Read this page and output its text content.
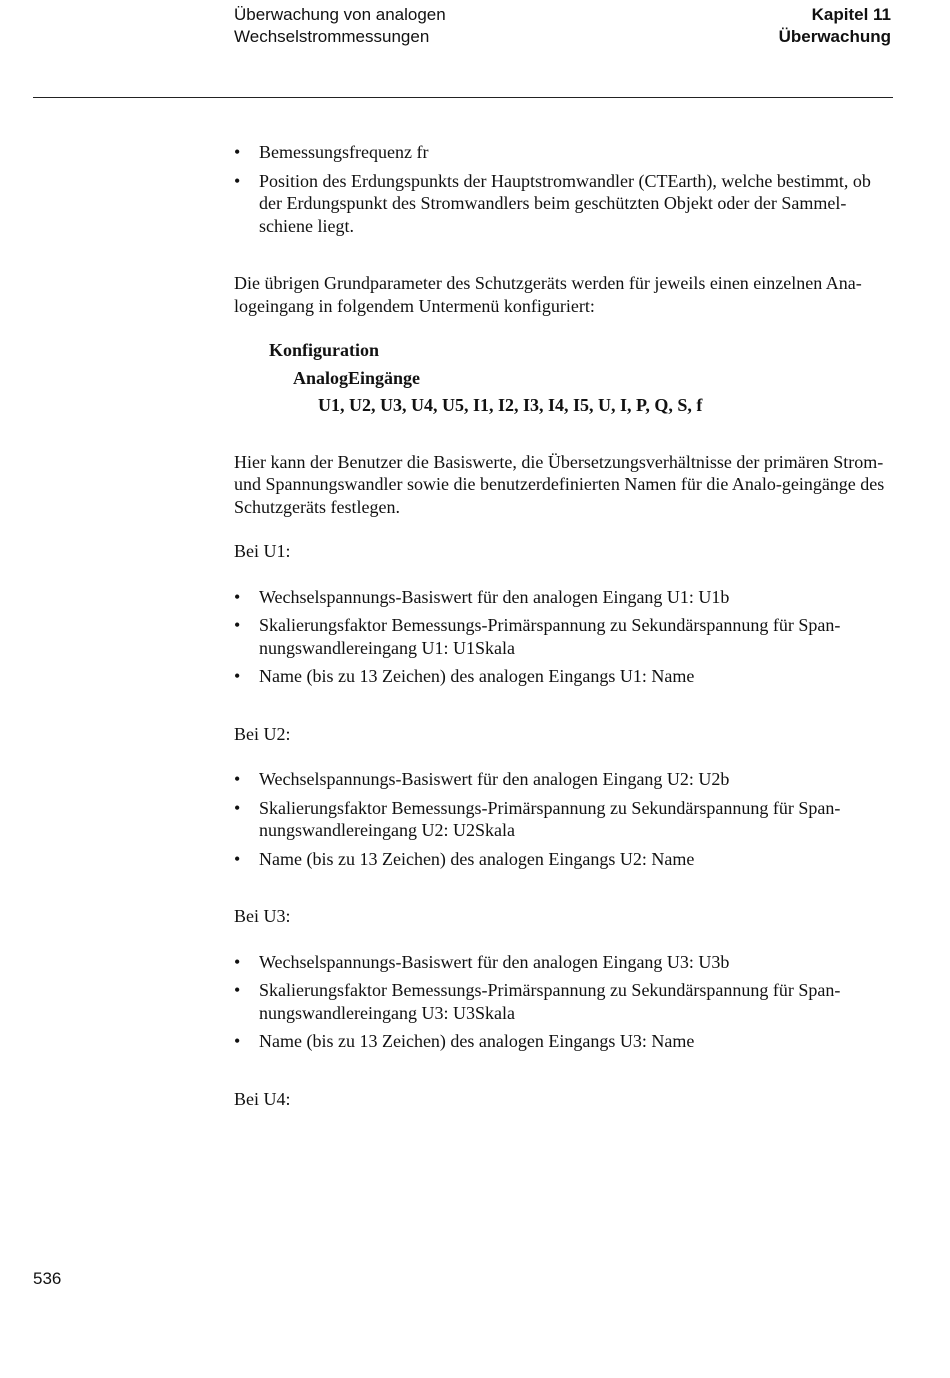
Überwachung von analogen
Wechselstrommessungen
Kapitel 11
Überwachung
• Bemessungsfrequenz fr
• Position des Erdungspunkts der Hauptstromwandler (CTEarth), welche bestimmt, ob der Erdungspunkt des Stromwandlers beim geschützten Objekt oder der Sammel-schiene liegt.

Die übrigen Grundparameter des Schutzgeräts werden für jeweils einen einzelnen Ana-logeingang in folgendem Untermenü konfiguriert:

Konfiguration
AnalogEingänge
U1, U2, U3, U4, U5, I1, I2, I3, I4, I5, U, I, P, Q, S, f

Hier kann der Benutzer die Basiswerte, die Übersetzungsverhältnisse der primären Strom- und Spannungswandler sowie die benutzerdefinierten Namen für die Analo-geingänge des Schutzgeräts festlegen.

Bei U1:
• Wechselspannungs-Basiswert für den analogen Eingang U1: U1b
• Skalierungsfaktor Bemessungs-Primärspannung zu Sekundärspannung für Span-nungswandlereingang U1: U1Skala
• Name (bis zu 13 Zeichen) des analogen Eingangs U1: Name
Bei U2:
• Wechselspannungs-Basiswert für den analogen Eingang U2: U2b
• Skalierungsfaktor Bemessungs-Primärspannung zu Sekundärspannung für Span-nungswandlereingang U2: U2Skala
• Name (bis zu 13 Zeichen) des analogen Eingangs U2: Name
Bei U3:
• Wechselspannungs-Basiswert für den analogen Eingang U3: U3b
• Skalierungsfaktor Bemessungs-Primärspannung zu Sekundärspannung für Span-nungswandlereingang U3: U3Skala
• Name (bis zu 13 Zeichen) des analogen Eingangs U3: Name
Bei U4:
536
